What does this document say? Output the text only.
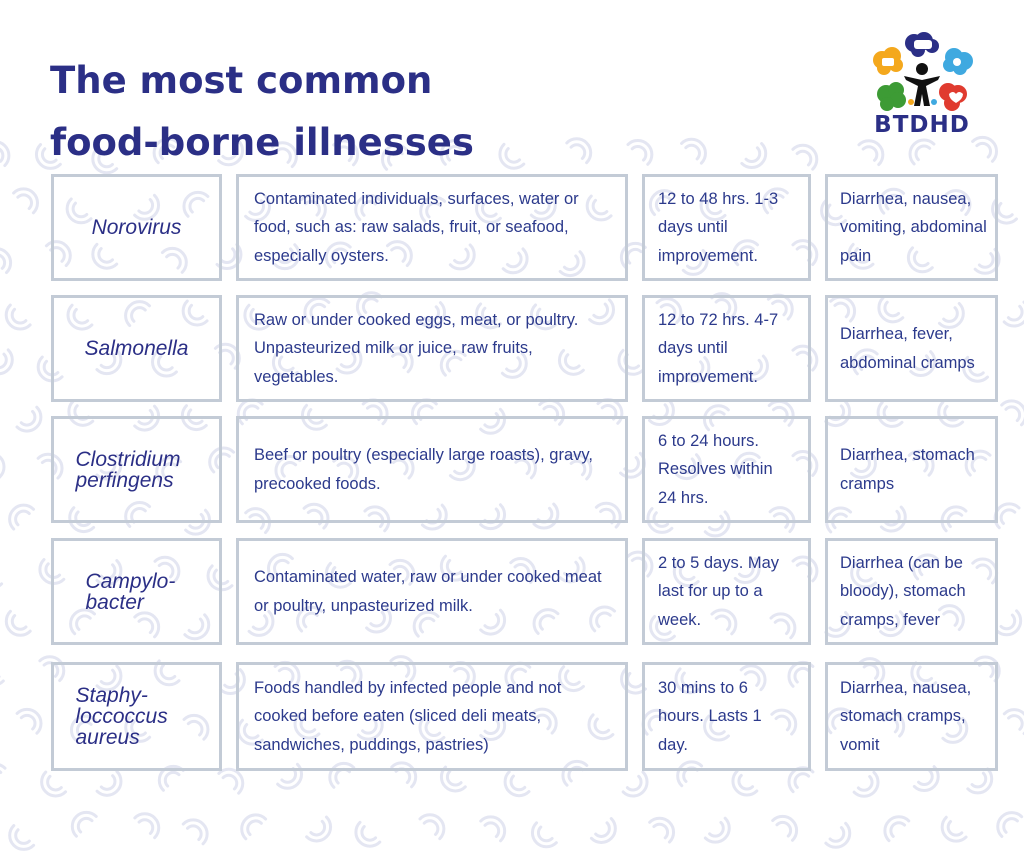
The most common
food-borne illnesses	BTDHD
Norovirus
Contaminated individuals, surfaces, water or food, such as: raw salads, fruit, or seafood, especially oysters.
12 to 48 hrs. 1-3 days until improvement.
Diarrhea, nausea, vomiting, abdominal pain
Salmonella
Raw or under cooked eggs, meat, or poultry. Unpasteurized milk or juice, raw fruits, vegetables.
12 to 72 hrs. 4-7 days until improvement.
Diarrhea, fever, abdominal cramps
Clostridium perfingens
Beef or poultry (especially large roasts), gravy, precooked foods.
6 to 24 hours. Resolves within 24 hrs.
Diarrhea, stomach cramps
Campylo-bacter
Contaminated water, raw or under cooked meat or poultry, unpasteurized milk.
2 to 5 days. May last for up to a week.
Diarrhea (can be bloody), stomach cramps, fever
Staphy-loccoccus aureus
Foods handled by infected people and not cooked before eaten (sliced deli meats, sandwiches, puddings, pastries)
30 mins to 6 hours. Lasts 1 day.
Diarrhea, nausea, stomach cramps, vomit
